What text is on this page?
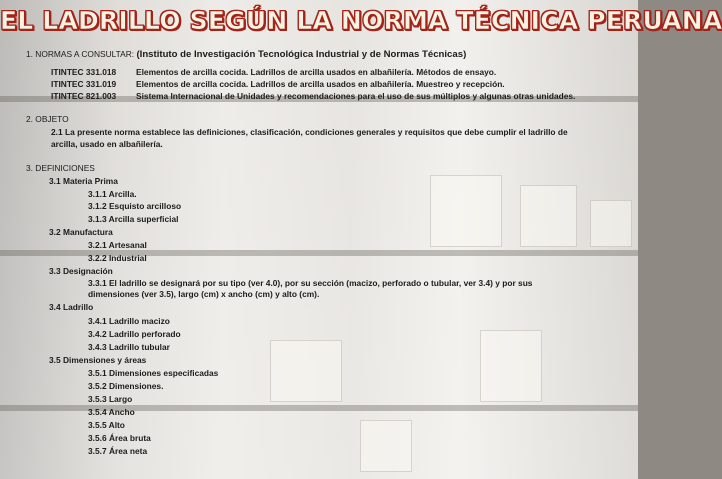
EL LADRILLO SEGÚN LA NORMA TÉCNICA PERUANA
1. NORMAS A CONSULTAR: (Instituto de Investigación Tecnológica Industrial y de Normas Técnicas)
ITINTEC 331.018 Elementos de arcilla cocida. Ladrillos de arcilla usados en albañilería. Métodos de ensayo.
ITINTEC 331.019 Elementos de arcilla cocida. Ladrillos de arcilla usados en albañilería. Muestreo y recepción.
ITINTEC 821.003 Sistema Internacional de Unidades y recomendaciones para el uso de sus múltiplos y algunas otras unidades.
2. OBJETO
2.1 La presente norma establece las definiciones, clasificación, condiciones generales y requisitos que debe cumplir el ladrillo de
arcilla, usado en albañilería.
3. DEFINICIONES
3.1 Materia Prima
3.1.1 Arcilla.
3.1.2 Esquisto arcilloso
3.1.3 Arcilla superficial
3.2 Manufactura
3.2.1 Artesanal
3.2.2 Industrial
3.3 Designación
3.3.1 El ladrillo se designará por su tipo (ver 4.0), por su sección (macizo, perforado o tubular, ver 3.4) y por sus
dimensiones (ver 3.5), largo (cm) x ancho (cm) y alto (cm).
3.4 Ladrillo
3.4.1 Ladrillo macizo
3.4.2 Ladrillo perforado
3.4.3 Ladrillo tubular
3.5 Dimensiones y áreas
3.5.1 Dimensiones especificadas
3.5.2 Dimensiones.
3.5.3 Largo
3.5.4 Ancho
3.5.5 Alto
3.5.6 Área bruta
3.5.7 Área neta
